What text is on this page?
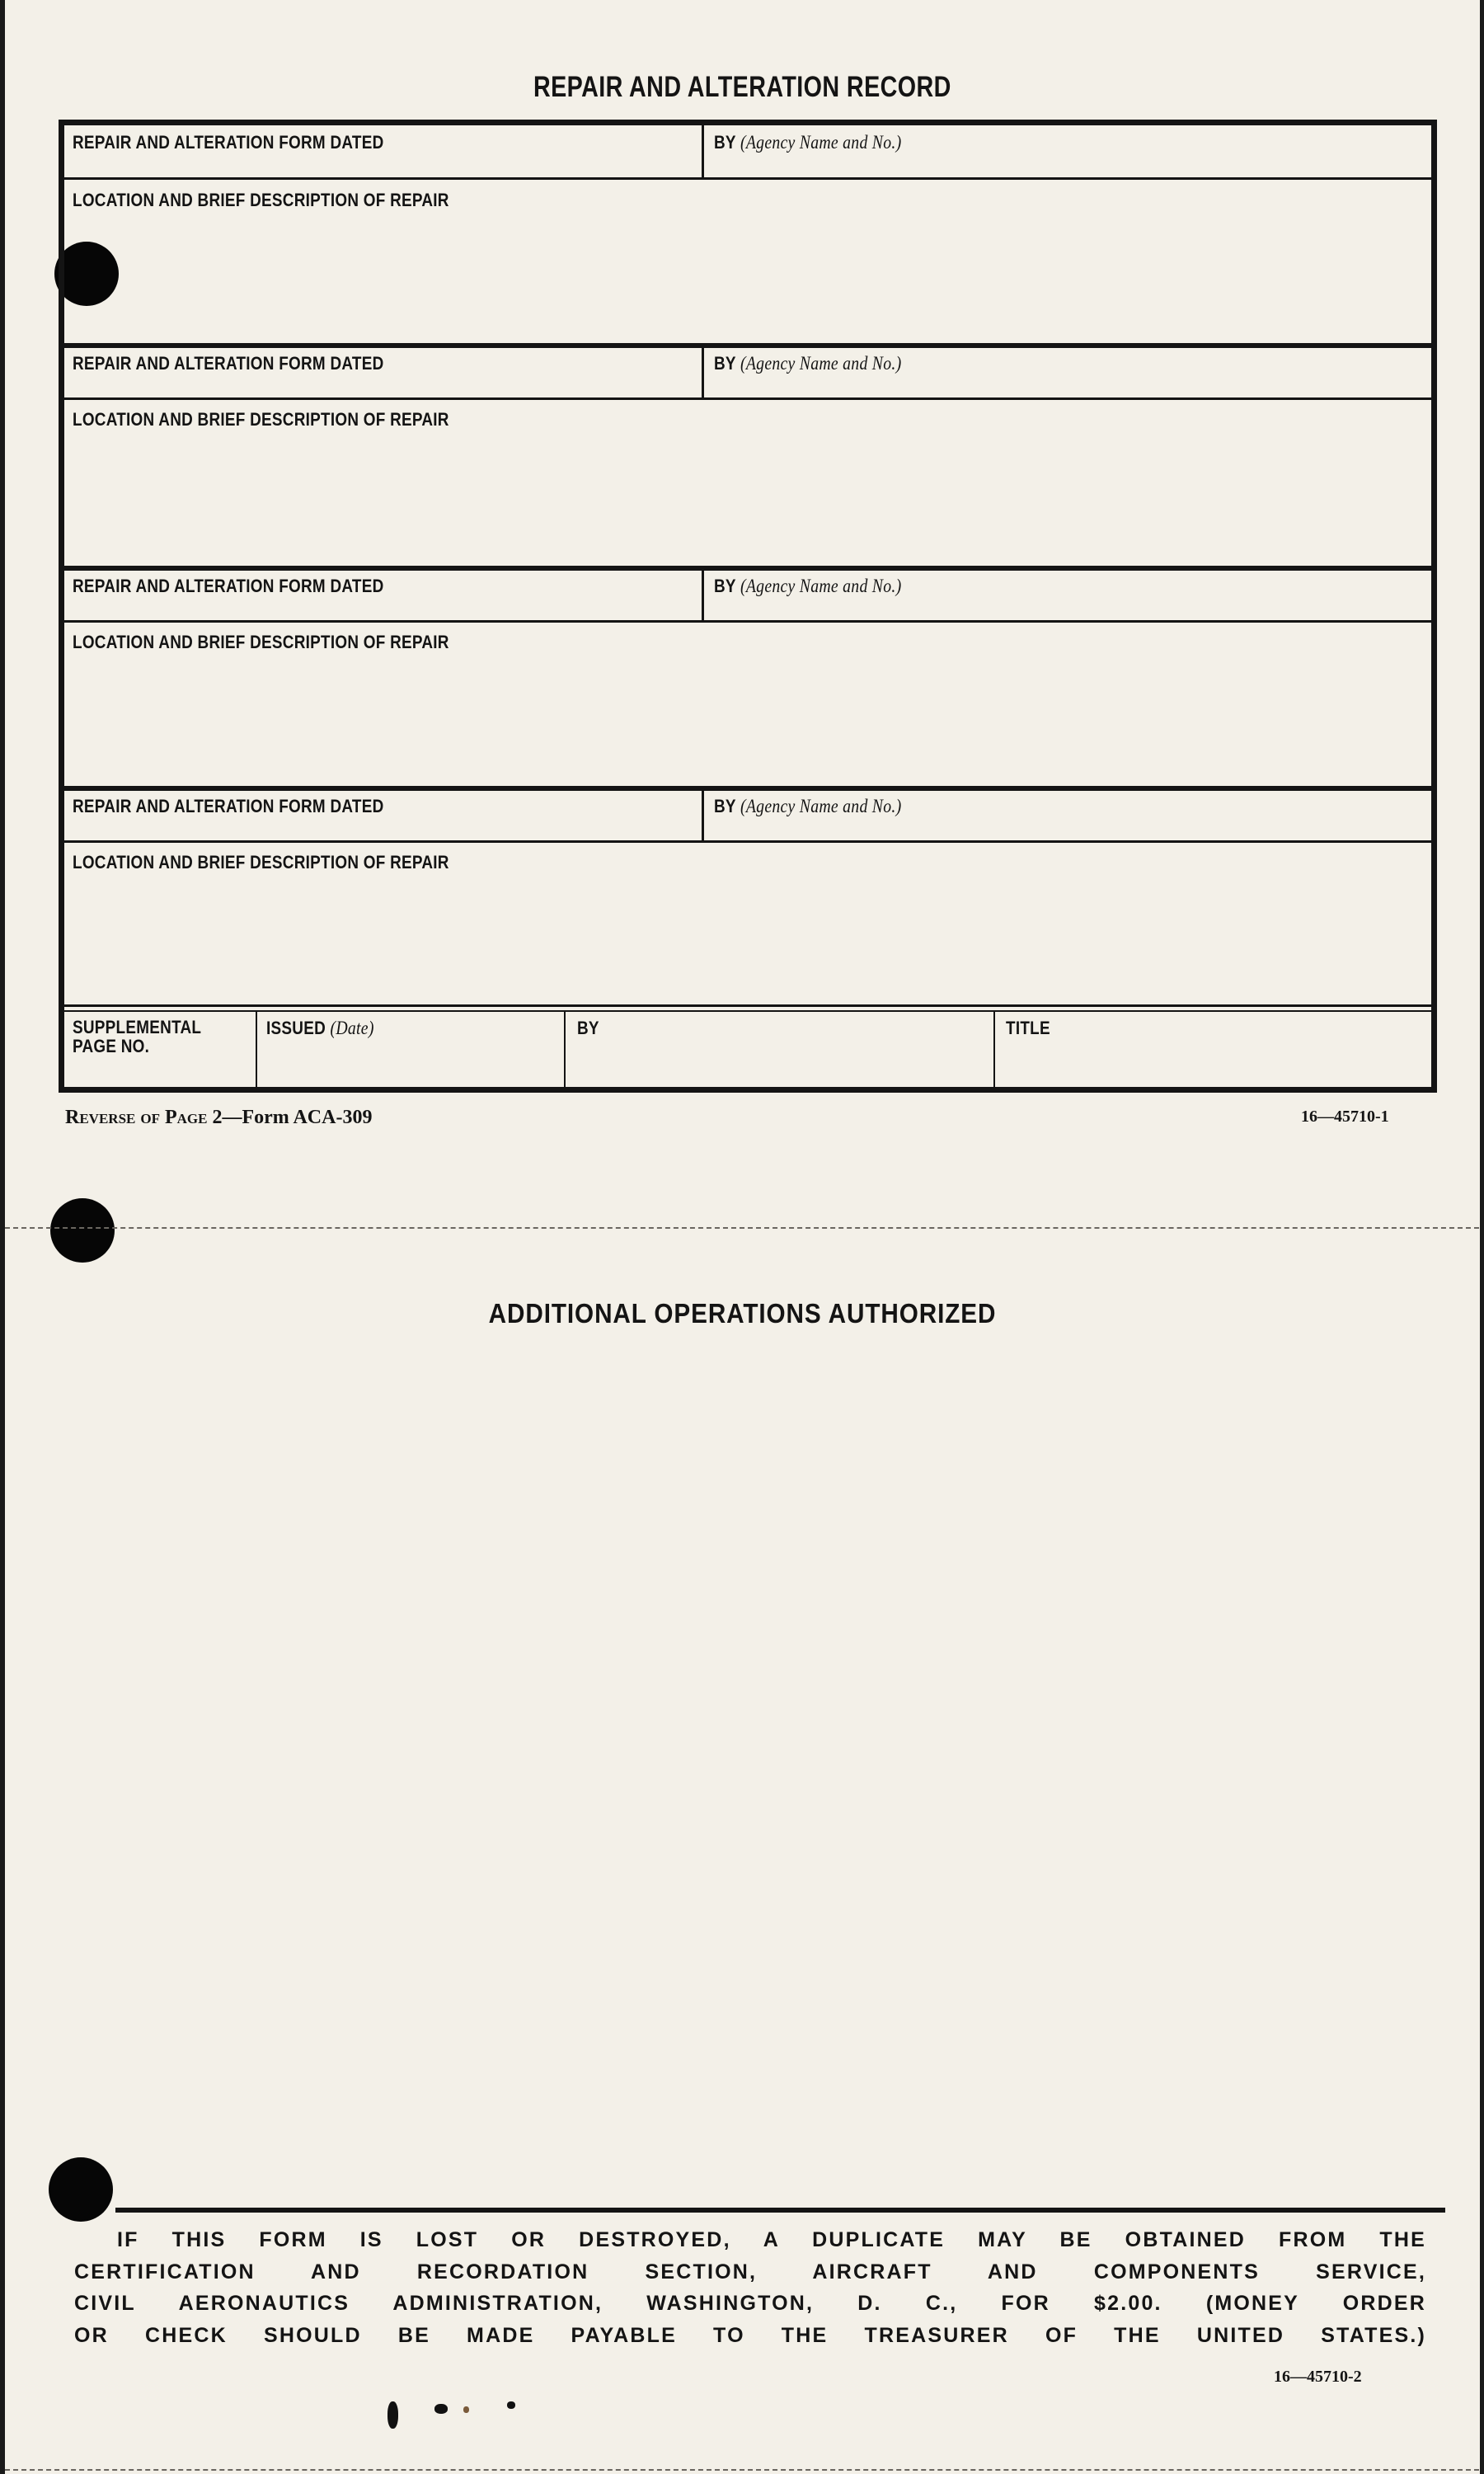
REPAIR AND ALTERATION RECORD
REPAIR AND ALTERATION FORM DATED	BY (Agency Name and No.)
LOCATION AND BRIEF DESCRIPTION OF REPAIR
REPAIR AND ALTERATION FORM DATED	BY (Agency Name and No.)
LOCATION AND BRIEF DESCRIPTION OF REPAIR
REPAIR AND ALTERATION FORM DATED	BY (Agency Name and No.)
LOCATION AND BRIEF DESCRIPTION OF REPAIR
REPAIR AND ALTERATION FORM DATED	BY (Agency Name and No.)
LOCATION AND BRIEF DESCRIPTION OF REPAIR
SUPPLEMENTAL
PAGE NO.
ISSUED (Date)	BY	TITLE
Reverse of Page 2—Form ACA-309	16—45710-1
ADDITIONAL OPERATIONS AUTHORIZED
IF THIS FORM IS LOST OR DESTROYED, A DUPLICATE MAY BE OBTAINED FROM THE
CERTIFICATION AND RECORDATION SECTION, AIRCRAFT AND COMPONENTS SERVICE,
CIVIL AERONAUTICS ADMINISTRATION, WASHINGTON, D. C., FOR $2.00. (MONEY ORDER
OR CHECK SHOULD BE MADE PAYABLE TO THE TREASURER OF THE UNITED STATES.)
16—45710-2
